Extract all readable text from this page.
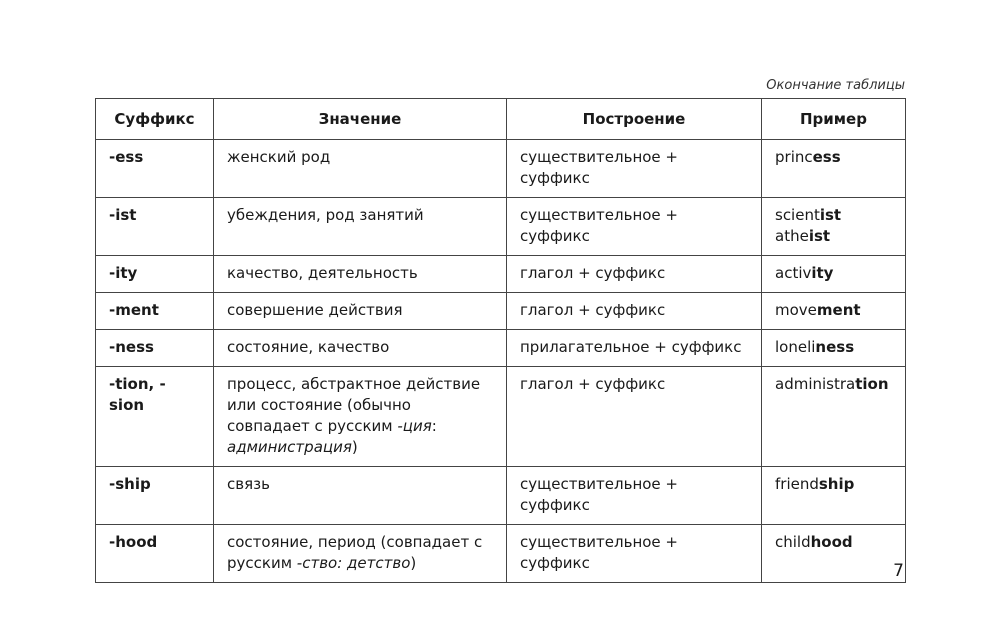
Окончание таблицы
Суффикс	Значение	Построение	Пример
-ess	женский род	существительное + суффикс	princess

-ist	убеждения, род занятий	существительное + суффикс	scientist
atheist

-ity	качество, деятельность	глагол + суффикс	activity

-ment	совершение действия	глагол + суффикс	movement

-ness	состояние, качество	прилагательное + суффикс	loneliness

-tion, -sion	процесс, абстрактное действие или состояние (обычно совпадает с русским -ция: администрация)	глагол + суффикс	administration

-ship	связь	существительное + суффикс	friendship

-hood	состояние, период (совпадает с русским -ство: детство)	существительное + суффикс	childhood
7
